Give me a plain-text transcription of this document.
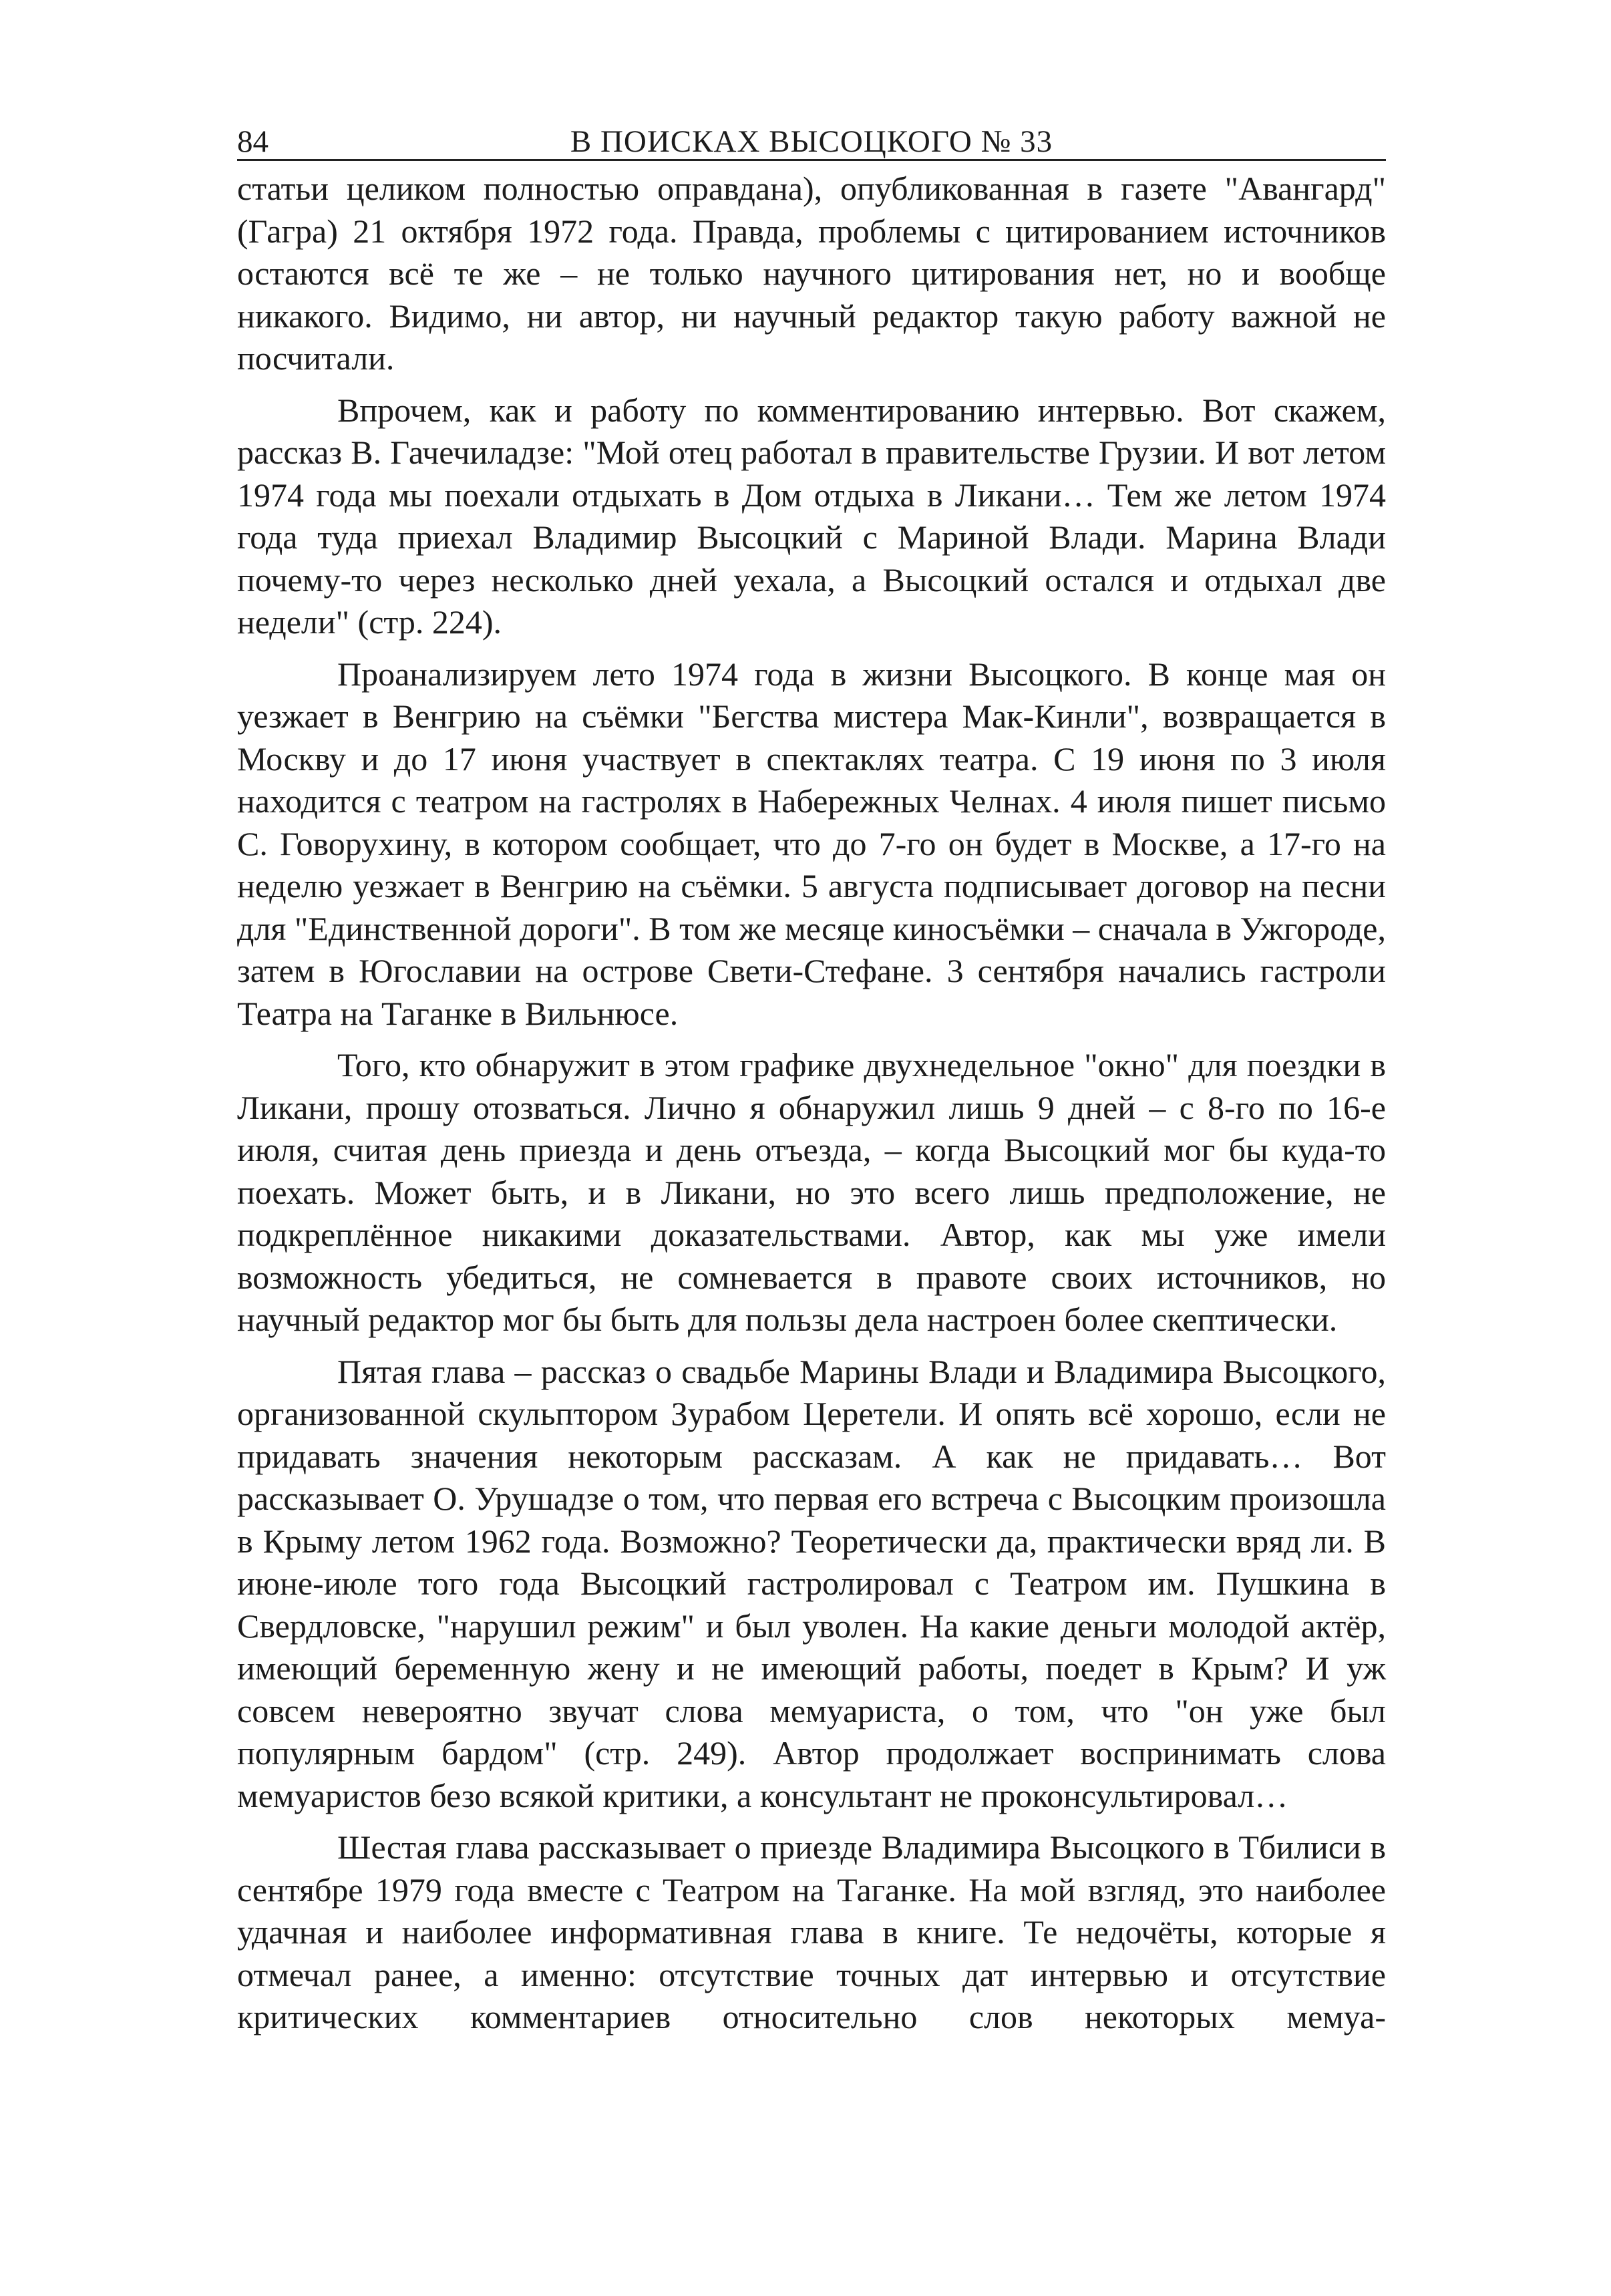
84	В ПОИСКАХ ВЫСОЦКОГО № 33

статьи целиком полностью оправдана), опубликованная в газете "Авангард" (Гагра) 21 октября 1972 года. Правда, проблемы с цитированием источников остаются всё те же – не только научного цитирования нет, но и вообще никакого. Видимо, ни автор, ни научный редактор такую работу важной не посчитали.

Впрочем, как и работу по комментированию интервью. Вот скажем, рассказ В. Гачечиладзе: "Мой отец работал в правительстве Грузии. И вот летом 1974 года мы поехали отдыхать в Дом отдыха в Ликани… Тем же летом 1974 года туда приехал Владимир Высоцкий с Мариной Влади. Марина Влади почему-то через несколько дней уехала, а Высоцкий остался и отдыхал две недели" (стр. 224).

Проанализируем лето 1974 года в жизни Высоцкого. В конце мая он уезжает в Венгрию на съёмки "Бегства мистера Мак-Кинли", возвращается в Москву и до 17 июня участвует в спектаклях театра. С 19 июня по 3 июля находится с театром на гастролях в Набережных Челнах. 4 июля пишет письмо С. Говорухину, в котором сообщает, что до 7-го он будет в Москве, а 17-го на неделю уезжает в Венгрию на съёмки. 5 августа подписывает договор на песни для "Единственной дороги". В том же месяце киносъёмки – сначала в Ужгороде, затем в Югославии на острове Свети-Стефане. 3 сентября начались гастроли Театра на Таганке в Вильнюсе.

Того, кто обнаружит в этом графике двухнедельное "окно" для поездки в Ликани, прошу отозваться. Лично я обнаружил лишь 9 дней – с 8-го по 16-е июля, считая день приезда и день отъезда, – когда Высоцкий мог бы куда-то поехать. Может быть, и в Ликани, но это всего лишь предположение, не подкреплённое никакими доказательствами. Автор, как мы уже имели возможность убедиться, не сомневается в правоте своих источников, но научный редактор мог бы быть для пользы дела настроен более скептически.

Пятая глава – рассказ о свадьбе Марины Влади и Владимира Высоцкого, организованной скульптором Зурабом Церетели. И опять всё хорошо, если не придавать значения некоторым рассказам. А как не придавать… Вот рассказывает О. Урушадзе о том, что первая его встреча с Высоцким произошла в Крыму летом 1962 года. Возможно? Теоретически да, практически вряд ли. В июне-июле того года Высоцкий гастролировал с Театром им. Пушкина в Свердловске, "нарушил режим" и был уволен. На какие деньги молодой актёр, имеющий беременную жену и не имеющий работы, поедет в Крым? И уж совсем невероятно звучат слова мемуариста, о том, что "он уже был популярным бардом" (стр. 249). Автор продолжает воспринимать слова мемуаристов безо всякой критики, а консультант не проконсультировал…

Шестая глава рассказывает о приезде Владимира Высоцкого в Тбилиси в сентябре 1979 года вместе с Театром на Таганке. На мой взгляд, это наиболее удачная и наиболее информативная глава в книге. Те недочёты, которые я отмечал ранее, а именно: отсутствие точных дат интервью и отсутствие критических комментариев относительно слов некоторых мемуа-
